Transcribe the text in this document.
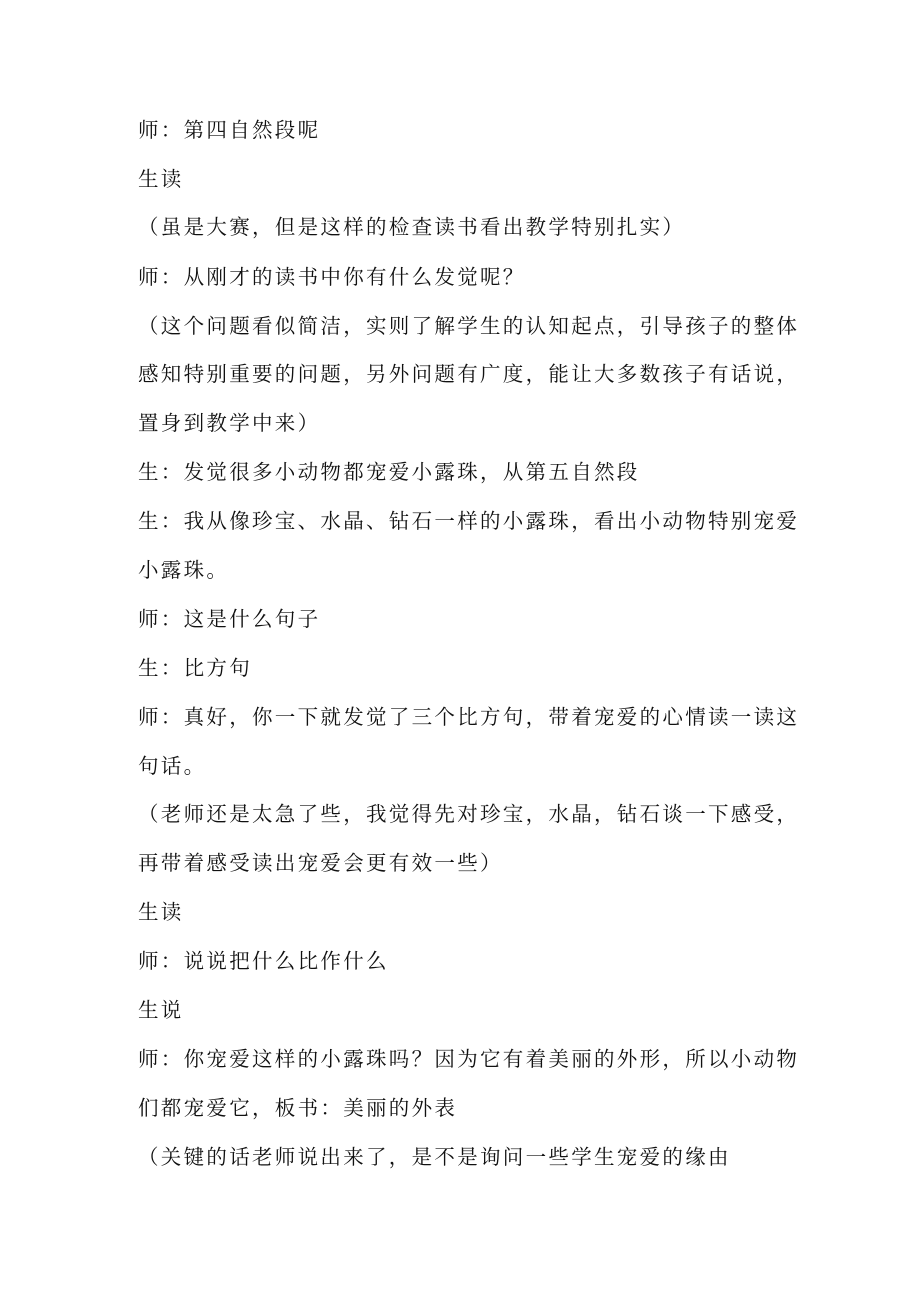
师：第四自然段呢
生读
（虽是大赛，但是这样的检查读书看出教学特别扎实）
师：从刚才的读书中你有什么发觉呢？
（这个问题看似简洁，实则了解学生的认知起点，引导孩子的整体
感知特别重要的问题，另外问题有广度，能让大多数孩子有话说，
置身到教学中来）
生：发觉很多小动物都宠爱小露珠，从第五自然段
生：我从像珍宝、水晶、钻石一样的小露珠，看出小动物特别宠爱
小露珠。
师：这是什么句子
生：比方句
师：真好，你一下就发觉了三个比方句，带着宠爱的心情读一读这
句话。
（老师还是太急了些，我觉得先对珍宝，水晶，钻石谈一下感受，
再带着感受读出宠爱会更有效一些）
生读
师：说说把什么比作什么
生说
师：你宠爱这样的小露珠吗？因为它有着美丽的外形，所以小动物
们都宠爱它，板书：美丽的外表
（关键的话老师说出来了，是不是询问一些学生宠爱的缘由
